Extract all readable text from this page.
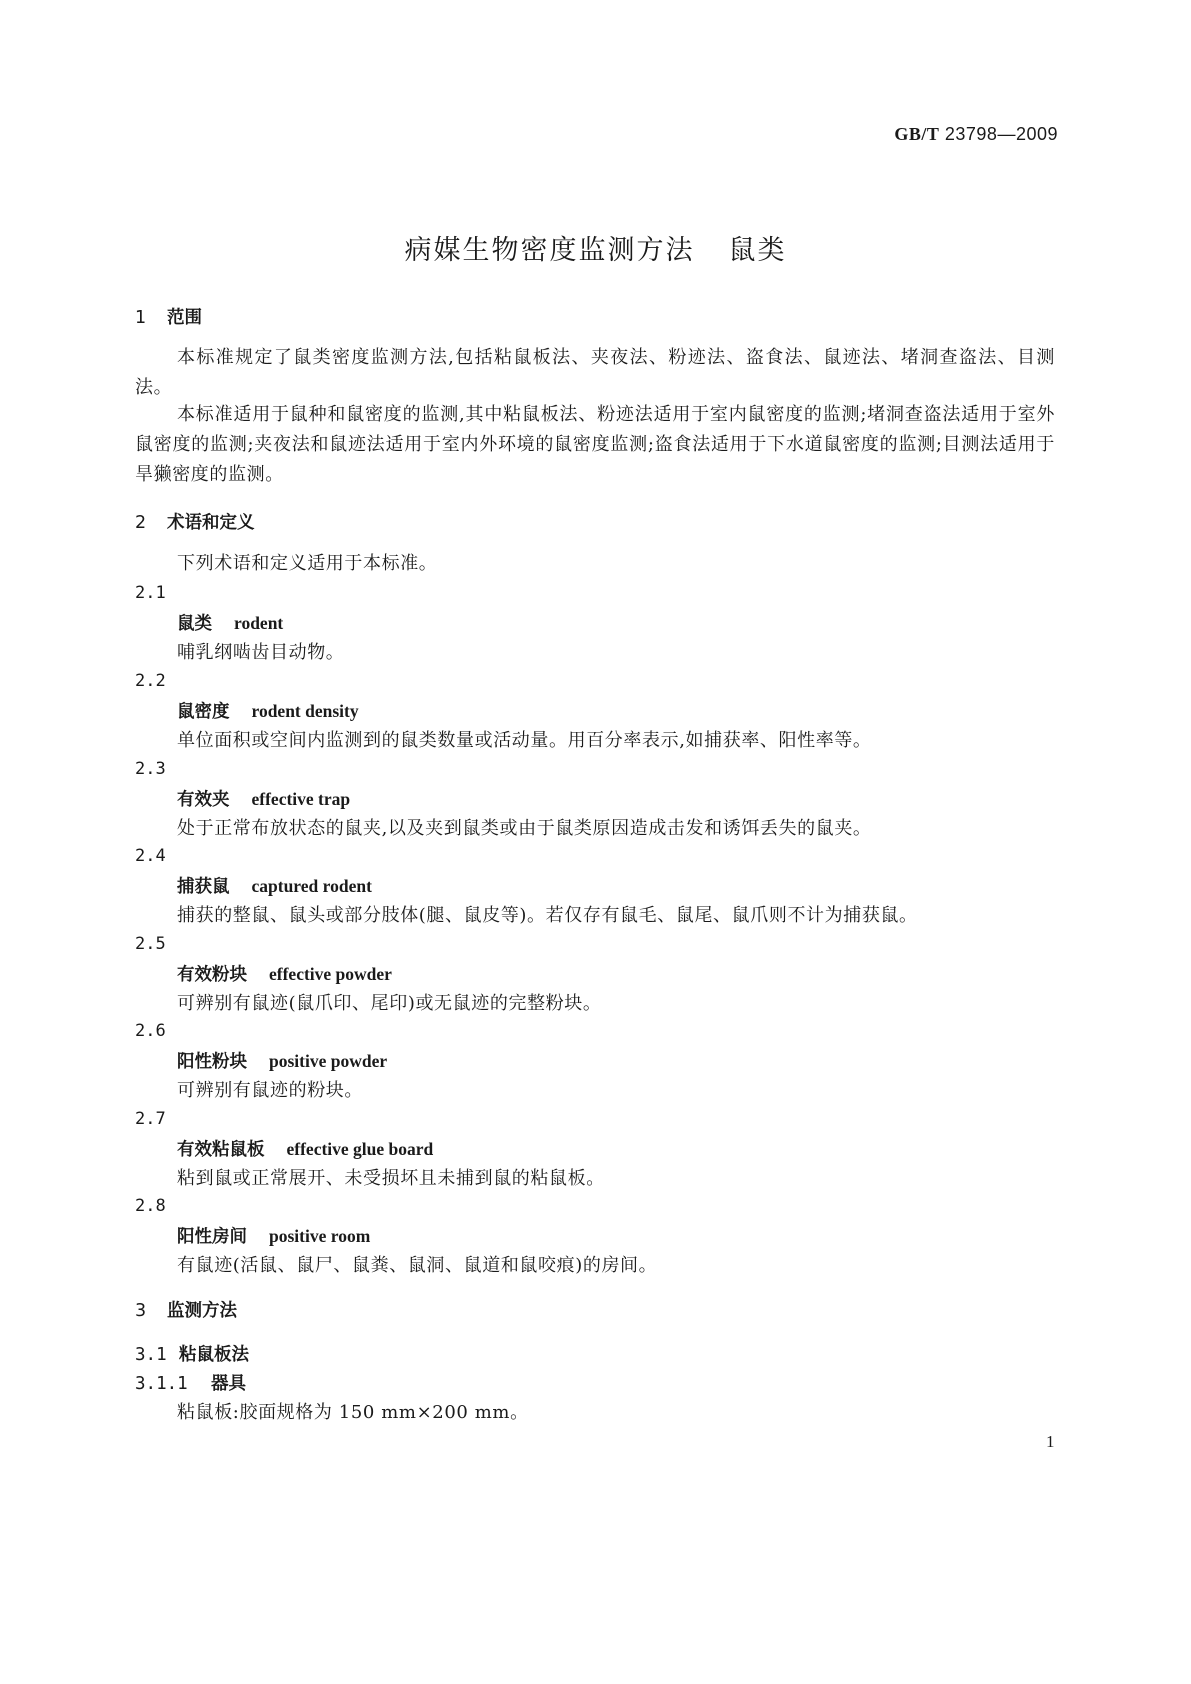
GB/T 23798—2009
病媒生物密度监测方法 鼠类
1 范围
本标准规定了鼠类密度监测方法,包括粘鼠板法、夹夜法、粉迹法、盗食法、鼠迹法、堵洞查盗法、目测法。
本标准适用于鼠种和鼠密度的监测,其中粘鼠板法、粉迹法适用于室内鼠密度的监测;堵洞查盗法适用于室外鼠密度的监测;夹夜法和鼠迹法适用于室内外环境的鼠密度监测;盗食法适用于下水道鼠密度的监测;目测法适用于旱獭密度的监测。
2 术语和定义
下列术语和定义适用于本标准。
2.1
鼠类 rodent
哺乳纲啮齿目动物。
2.2
鼠密度 rodent density
单位面积或空间内监测到的鼠类数量或活动量。用百分率表示,如捕获率、阳性率等。
2.3
有效夹 effective trap
处于正常布放状态的鼠夹,以及夹到鼠类或由于鼠类原因造成击发和诱饵丢失的鼠夹。
2.4
捕获鼠 captured rodent
捕获的整鼠、鼠头或部分肢体(腿、鼠皮等)。若仅存有鼠毛、鼠尾、鼠爪则不计为捕获鼠。
2.5
有效粉块 effective powder
可辨别有鼠迹(鼠爪印、尾印)或无鼠迹的完整粉块。
2.6
阳性粉块 positive powder
可辨别有鼠迹的粉块。
2.7
有效粘鼠板 effective glue board
粘到鼠或正常展开、未受损坏且未捕到鼠的粘鼠板。
2.8
阳性房间 positive room
有鼠迹(活鼠、鼠尸、鼠粪、鼠洞、鼠道和鼠咬痕)的房间。
3 监测方法
3.1 粘鼠板法
3.1.1 器具
粘鼠板:胶面规格为 150 mm×200 mm。
1
